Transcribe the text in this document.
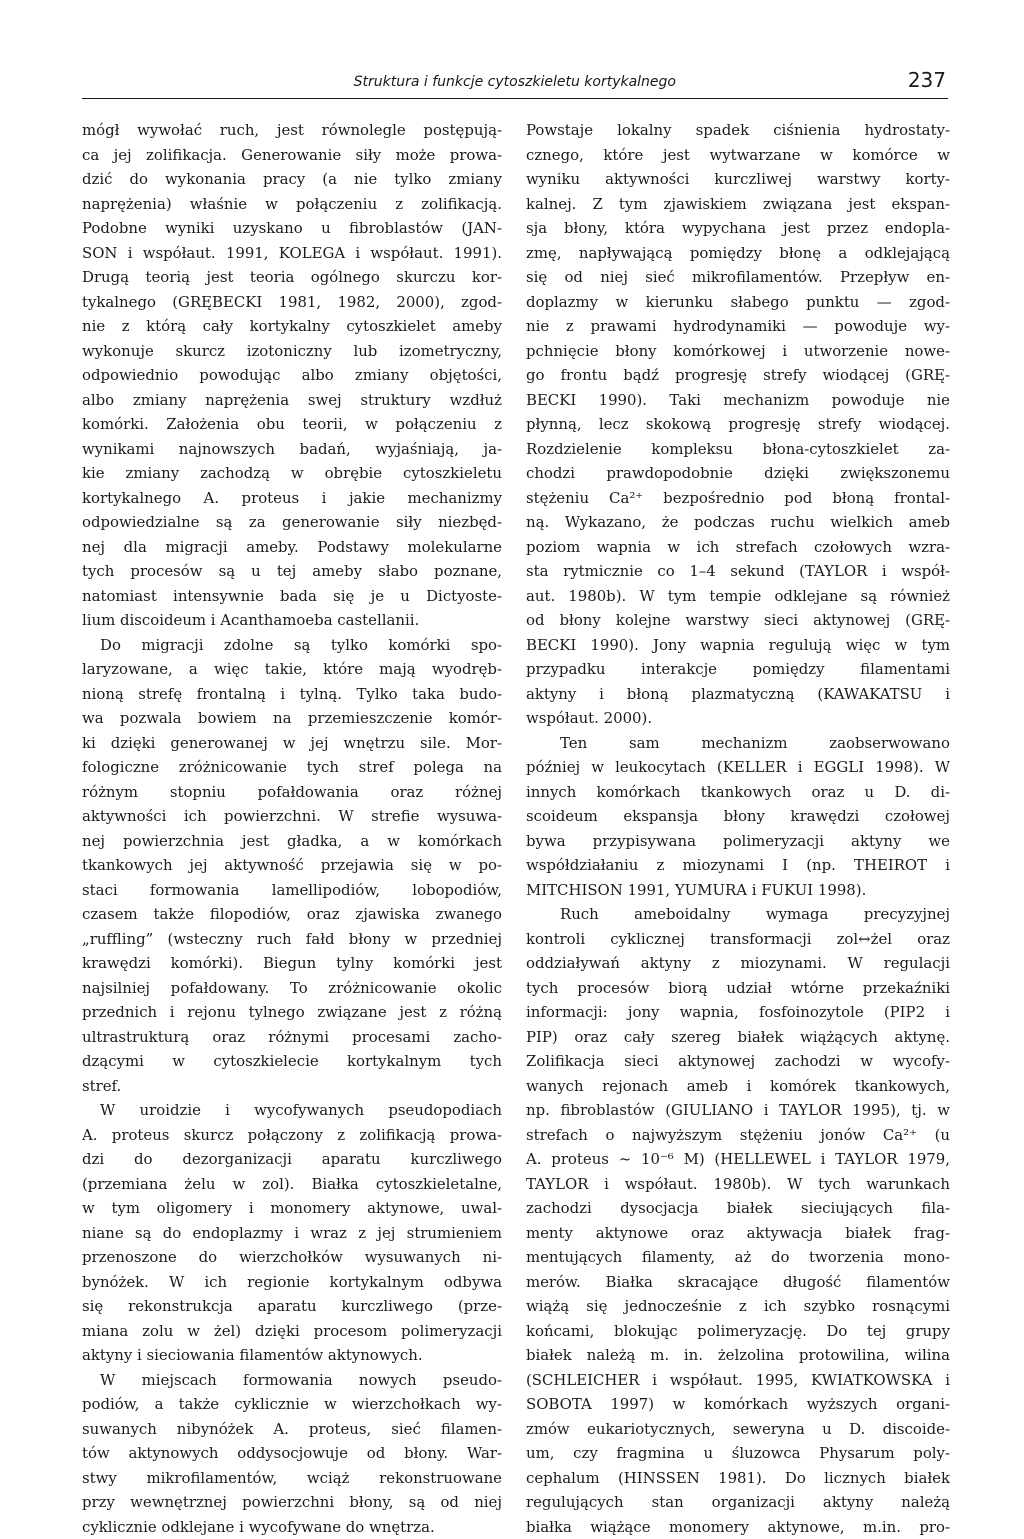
Struktura i funkcje cytoszkieletu kortykalnego	237
mógł wywołać ruch, jest równolegle postępują-
ca jej zolifikacja. Generowanie siły może prowa-
dzić do wykonania pracy (a nie tylko zmiany
naprężenia) właśnie w połączeniu z zolifikacją.
Podobne wyniki uzyskano u fibroblastów (JAN-
SON i współaut. 1991, KOLEGA i współaut. 1991).
Drugą teorią jest teoria ogólnego skurczu kor-
tykalnego (GRĘBECKI 1981, 1982, 2000), zgod-
nie z którą cały kortykalny cytoszkielet ameby
wykonuje skurcz izotoniczny lub izometryczny,
odpowiednio powodując albo zmiany objętości,
albo zmiany naprężenia swej struktury wzdłuż
komórki. Założenia obu teorii, w połączeniu z
wynikami najnowszych badań, wyjaśniają, ja-
kie zmiany zachodzą w obrębie cytoszkieletu
kortykalnego A. proteus i jakie mechanizmy
odpowiedzialne są za generowanie siły niezbęd-
nej dla migracji ameby. Podstawy molekularne
tych procesów są u tej ameby słabo poznane,
natomiast intensywnie bada się je u Dictyoste-
lium discoideum i Acanthamoeba castellanii.
Do migracji zdolne są tylko komórki spo-
laryzowane, a więc takie, które mają wyodręb-
nioną strefę frontalną i tylną. Tylko taka budo-
wa pozwala bowiem na przemieszczenie komór-
ki dzięki generowanej w jej wnętrzu sile. Mor-
fologiczne zróżnicowanie tych stref polega na
różnym stopniu pofałdowania oraz różnej
aktywności ich powierzchni. W strefie wysuwa-
nej powierzchnia jest gładka, a w komórkach
tkankowych jej aktywność przejawia się w po-
staci formowania lamellipodiów, lobopodiów,
czasem także filopodiów, oraz zjawiska zwanego
„ruffling” (wsteczny ruch fałd błony w przedniej
krawędzi komórki). Biegun tylny komórki jest
najsilniej pofałdowany. To zróżnicowanie okolic
przednich i rejonu tylnego związane jest z różną
ultrastrukturą oraz różnymi procesami zacho-
dzącymi w cytoszkielecie kortykalnym tych
stref.
W uroidzie i wycofywanych pseudopodiach
A. proteus skurcz połączony z zolifikacją prowa-
dzi do dezorganizacji aparatu kurczliwego
(przemiana żelu w zol). Białka cytoszkieletalne,
w tym oligomery i monomery aktynowe, uwal-
niane są do endoplazmy i wraz z jej strumieniem
przenoszone do wierzchołków wysuwanych ni-
bynóżek. W ich regionie kortykalnym odbywa
się rekonstrukcja aparatu kurczliwego (prze-
miana zolu w żel) dzięki procesom polimeryzacji
aktyny i sieciowania filamentów aktynowych.
W miejscach formowania nowych pseudo-
podiów, a także cyklicznie w wierzchołkach wy-
suwanych nibynóżek A. proteus, sieć filamen-
tów aktynowych oddysocjowuje od błony. War-
stwy mikrofilamentów, wciąż rekonstruowane
przy wewnętrznej powierzchni błony, są od niej
cyklicznie odklejane i wycofywane do wnętrza.
Powstaje lokalny spadek ciśnienia hydrostaty-
cznego, które jest wytwarzane w komórce w
wyniku aktywności kurczliwej warstwy korty-
kalnej. Z tym zjawiskiem związana jest ekspan-
sja błony, która wypychana jest przez endopla-
zmę, napływającą pomiędzy błonę a odklejającą
się od niej sieć mikrofilamentów. Przepływ en-
doplazmy w kierunku słabego punktu — zgod-
nie z prawami hydrodynamiki — powoduje wy-
pchnięcie błony komórkowej i utworzenie nowe-
go frontu bądź progresję strefy wiodącej (GRĘ-
BECKI 1990). Taki mechanizm powoduje nie
płynną, lecz skokową progresję strefy wiodącej.
Rozdzielenie kompleksu błona-cytoszkielet za-
chodzi prawdopodobnie dzięki zwiększonemu
stężeniu Ca²⁺ bezpośrednio pod błoną frontal-
ną. Wykazano, że podczas ruchu wielkich ameb
poziom wapnia w ich strefach czołowych wzra-
sta rytmicznie co 1–4 sekund (TAYLOR i współ-
aut. 1980b). W tym tempie odklejane są również
od błony kolejne warstwy sieci aktynowej (GRĘ-
BECKI 1990). Jony wapnia regulują więc w tym
przypadku interakcje pomiędzy filamentami
aktyny i błoną plazmatyczną (KAWAKATSU i
współaut. 2000).
Ten sam mechanizm zaobserwowano
później w leukocytach (KELLER i EGGLI 1998). W
innych komórkach tkankowych oraz u D. di-
scoideum ekspansja błony krawędzi czołowej
bywa przypisywana polimeryzacji aktyny we
współdziałaniu z miozynami I (np. THEIROT i
MITCHISON 1991, YUMURA i FUKUI 1998).
Ruch ameboidalny wymaga precyzyjnej
kontroli cyklicznej transformacji zol↔żel oraz
oddziaływań aktyny z miozynami. W regulacji
tych procesów biorą udział wtórne przekaźniki
informacji: jony wapnia, fosfoinozytole (PIP2 i
PIP) oraz cały szereg białek wiążących aktynę.
Zolifikacja sieci aktynowej zachodzi w wycofy-
wanych rejonach ameb i komórek tkankowych,
np. fibroblastów (GIULIANO i TAYLOR 1995), tj. w
strefach o najwyższym stężeniu jonów Ca²⁺ (u
A. proteus ~ 10⁻⁶ M) (HELLEWEL i TAYLOR 1979,
TAYLOR i współaut. 1980b). W tych warunkach
zachodzi dysocjacja białek sieciujących fila-
menty aktynowe oraz aktywacja białek frag-
mentujących filamenty, aż do tworzenia mono-
merów. Białka skracające długość filamentów
wiążą się jednocześnie z ich szybko rosnącymi
końcami, blokując polimeryzację. Do tej grupy
białek należą m. in. żelzolina protowilina, wilina
(SCHLEICHER i współaut. 1995, KWIATKOWSKA i
SOBOTA 1997) w komórkach wyższych organi-
zmów eukariotycznych, seweryna u D. discoide-
um, czy fragmina u śluzowca Physarum poly-
cephalum (HINSSEN 1981). Do licznych białek
regulujących stan organizacji aktyny należą
białka wiążące monomery aktynowe, m.in. pro-
